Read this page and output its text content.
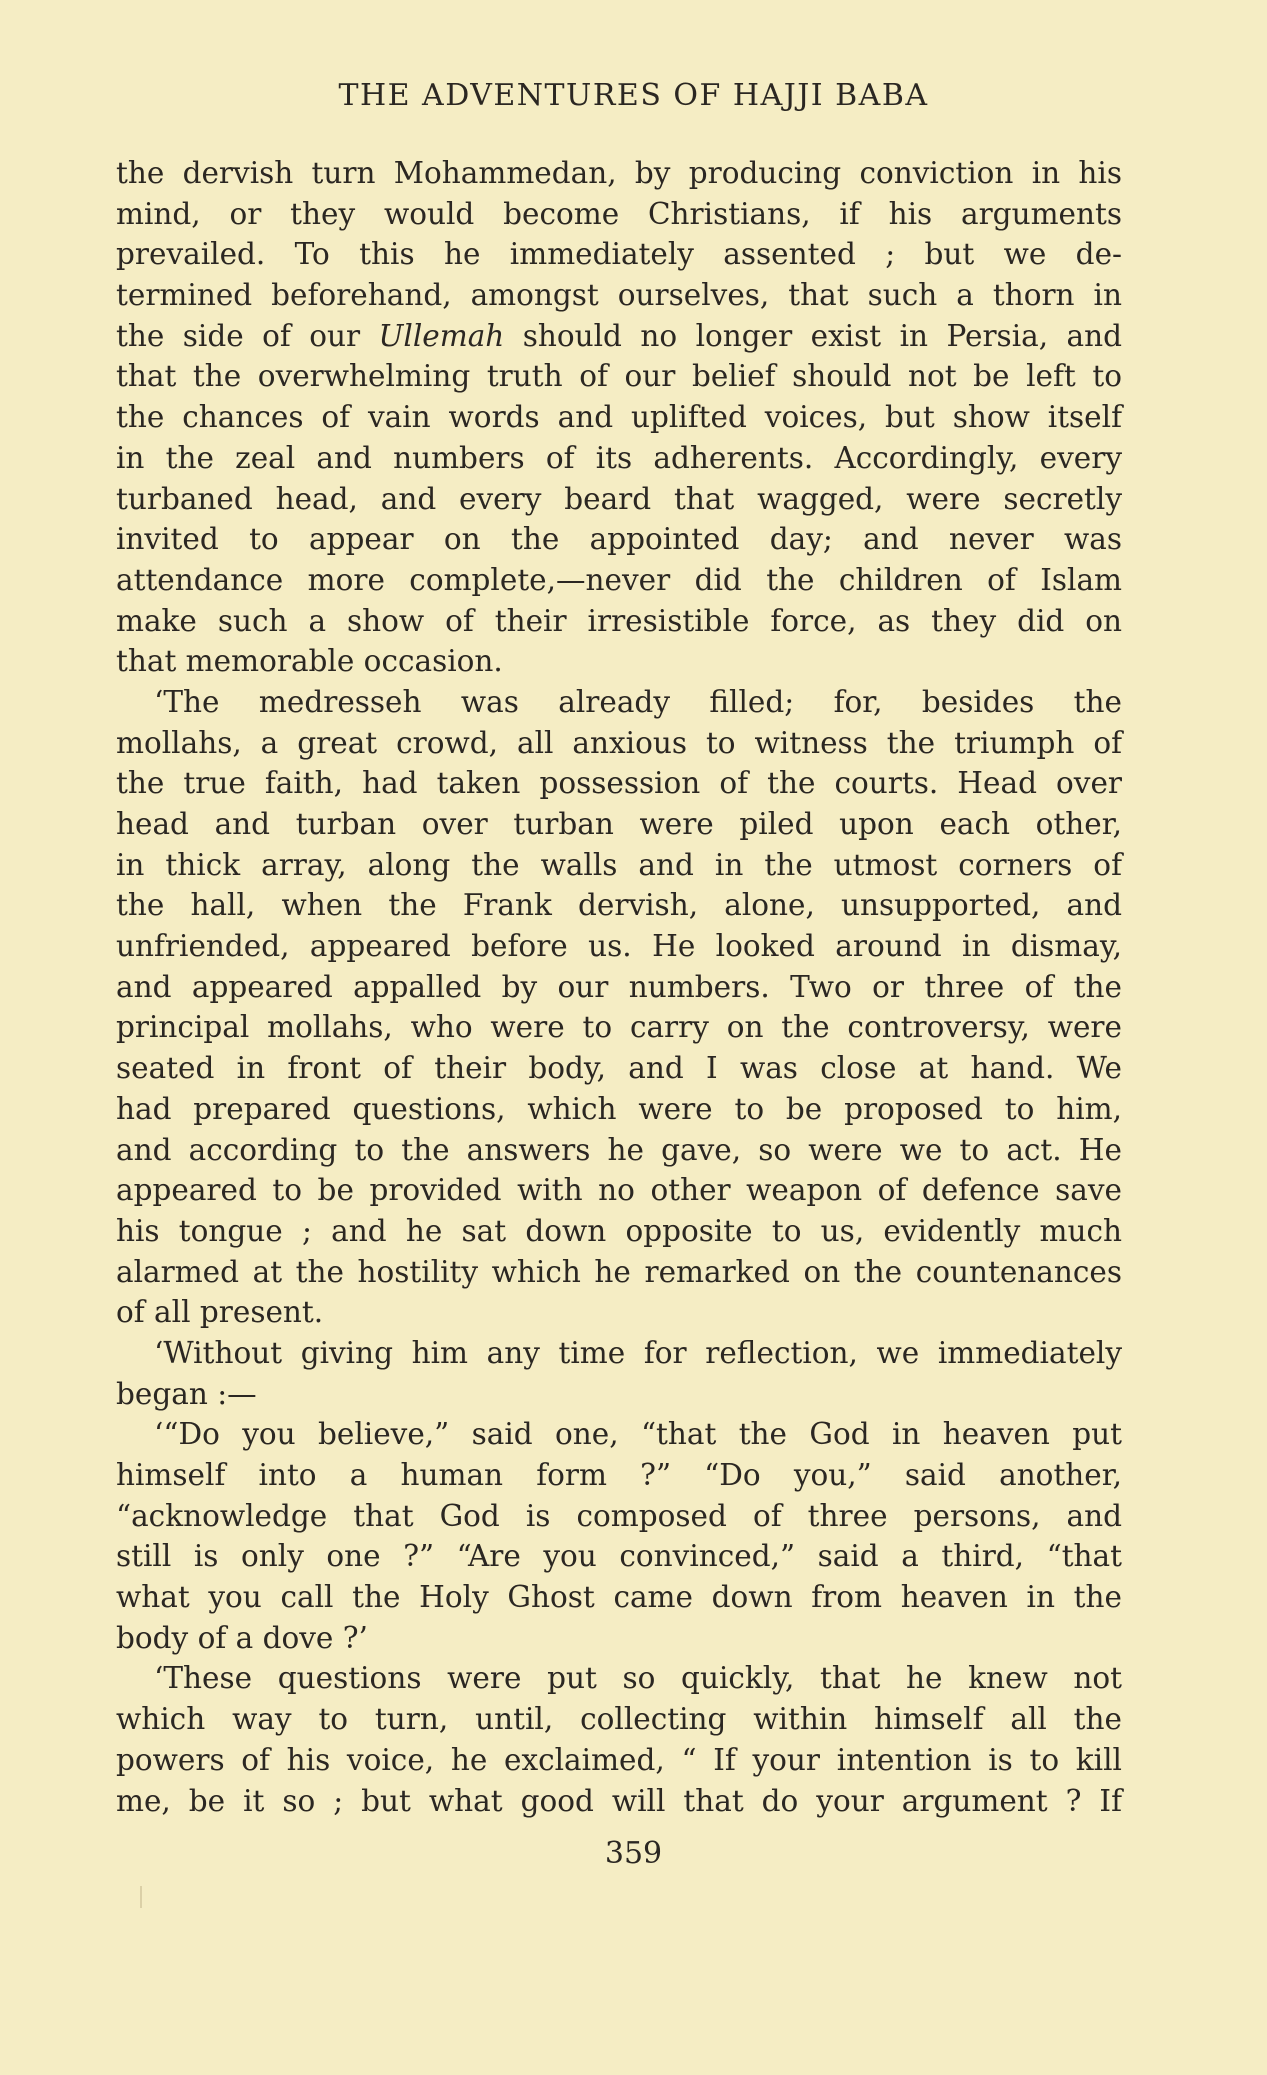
THE ADVENTURES OF HAJJI BABA
the dervish turn Mohammedan, by producing conviction in his
mind, or they would become Christians, if his arguments
prevailed. To this he immediately assented ; but we de-
termined beforehand, amongst ourselves, that such a thorn in
the side of our Ullemah should no longer exist in Persia, and
that the overwhelming truth of our belief should not be left to
the chances of vain words and uplifted voices, but show itself
in the zeal and numbers of its adherents. Accordingly, every
turbaned head, and every beard that wagged, were secretly
invited to appear on the appointed day; and never was
attendance more complete,—never did the children of Islam
make such a show of their irresistible force, as they did on
that memorable occasion.
‘The medresseh was already filled; for, besides the
mollahs, a great crowd, all anxious to witness the triumph of
the true faith, had taken possession of the courts. Head over
head and turban over turban were piled upon each other,
in thick array, along the walls and in the utmost corners of
the hall, when the Frank dervish, alone, unsupported, and
unfriended, appeared before us. He looked around in dismay,
and appeared appalled by our numbers. Two or three of the
principal mollahs, who were to carry on the controversy, were
seated in front of their body, and I was close at hand. We
had prepared questions, which were to be proposed to him,
and according to the answers he gave, so were we to act. He
appeared to be provided with no other weapon of defence save
his tongue ; and he sat down opposite to us, evidently much
alarmed at the hostility which he remarked on the countenances
of all present.
‘Without giving him any time for reflection, we immediately
began :—
‘“Do you believe,” said one, “that the God in heaven put
himself into a human form ?” “Do you,” said another,
“acknowledge that God is composed of three persons, and
still is only one ?” “Are you convinced,” said a third, “that
what you call the Holy Ghost came down from heaven in the
body of a dove ?’
‘These questions were put so quickly, that he knew not
which way to turn, until, collecting within himself all the
powers of his voice, he exclaimed, “ If your intention is to kill
me, be it so ; but what good will that do your argument ? If
359
